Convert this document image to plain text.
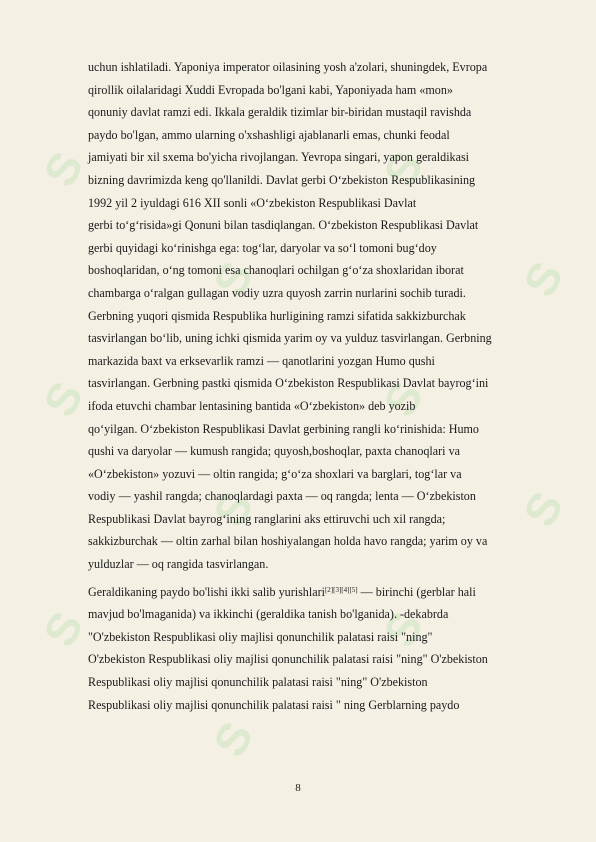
S
S
S
S
S
S
S
S
S
S
S
uchun ishlatiladi. Yaponiya imperator oilasining yosh a'zolari, shuningdek, Evropa
qirollik oilalaridagi Xuddi Evropada bo'lgani kabi, Yaponiyada ham «mon»
qonuniy davlat ramzi edi. Ikkala geraldik tizimlar bir-biridan mustaqil ravishda
paydo bo'lgan, ammo ularning o'xshashligi ajablanarli emas, chunki feodal
jamiyati bir xil sxema bo'yicha rivojlangan. Yevropa singari, yapon geraldikasi
bizning davrimizda keng qo'llanildi. Davlat gerbi O‘zbekiston Respublikasining
1992 yil 2 iyuldagi 616 XII sonli «O‘zbekiston Respublikasi Davlat
gerbi to‘g‘risida»gi Qonuni bilan tasdiqlangan. O‘zbekiston Respublikasi Davlat
gerbi quyidagi ko‘rinishga ega: tog‘lar, daryolar va so‘l tomoni bug‘doy
boshoqlaridan, o‘ng tomoni esa chanoqlari ochilgan g‘o‘za shoxlaridan iborat
chambarga o‘ralgan gullagan vodiy uzra quyosh zarrin nurlarini sochib turadi.
Gerbning yuqori qismida Respublika hurligining ramzi sifatida sakkizburchak
tasvirlangan bo‘lib, uning ichki qismida yarim oy va yulduz tasvirlangan. Gerbning
markazida baxt va erksevarlik ramzi — qanotlarini yozgan Humo qushi
tasvirlangan. Gerbning pastki qismida O‘zbekiston Respublikasi Davlat bayrog‘ini
ifoda etuvchi chambar lentasining bantida «O‘zbekiston» deb yozib
qo‘yilgan. O‘zbekiston Respublikasi Davlat gerbining rangli ko‘rinishida: Humo
qushi va daryolar — kumush rangida; quyosh,boshoqlar, paxta chanoqlari va
«O‘zbekiston» yozuvi — oltin rangida; g‘o‘za shoxlari va barglari, tog‘lar va
vodiy — yashil rangda; chanoqlardagi paxta — oq rangda; lenta — O‘zbekiston
Respublikasi Davlat bayrog‘ining ranglarini aks ettiruvchi uch xil rangda;
sakkizburchak — oltin zarhal bilan hoshiyalangan holda havo rangda; yarim oy va
yulduzlar — oq rangida tasvirlangan.
Geraldikaning paydo bo'lishi ikki salib yurishlari[2][3][4][5] — birinchi (gerblar hali
mavjud bo'lmaganida) va ikkinchi (geraldika tanish bo'lganida). -dekabrda
"O'zbekiston Respublikasi oliy majlisi qonunchilik palatasi raisi "ning"
O'zbekiston Respublikasi oliy majlisi qonunchilik palatasi raisi "ning" O'zbekiston
Respublikasi oliy majlisi qonunchilik palatasi raisi "ning" O'zbekiston
Respublikasi oliy majlisi qonunchilik palatasi raisi " ning Gerblarning paydo
8
